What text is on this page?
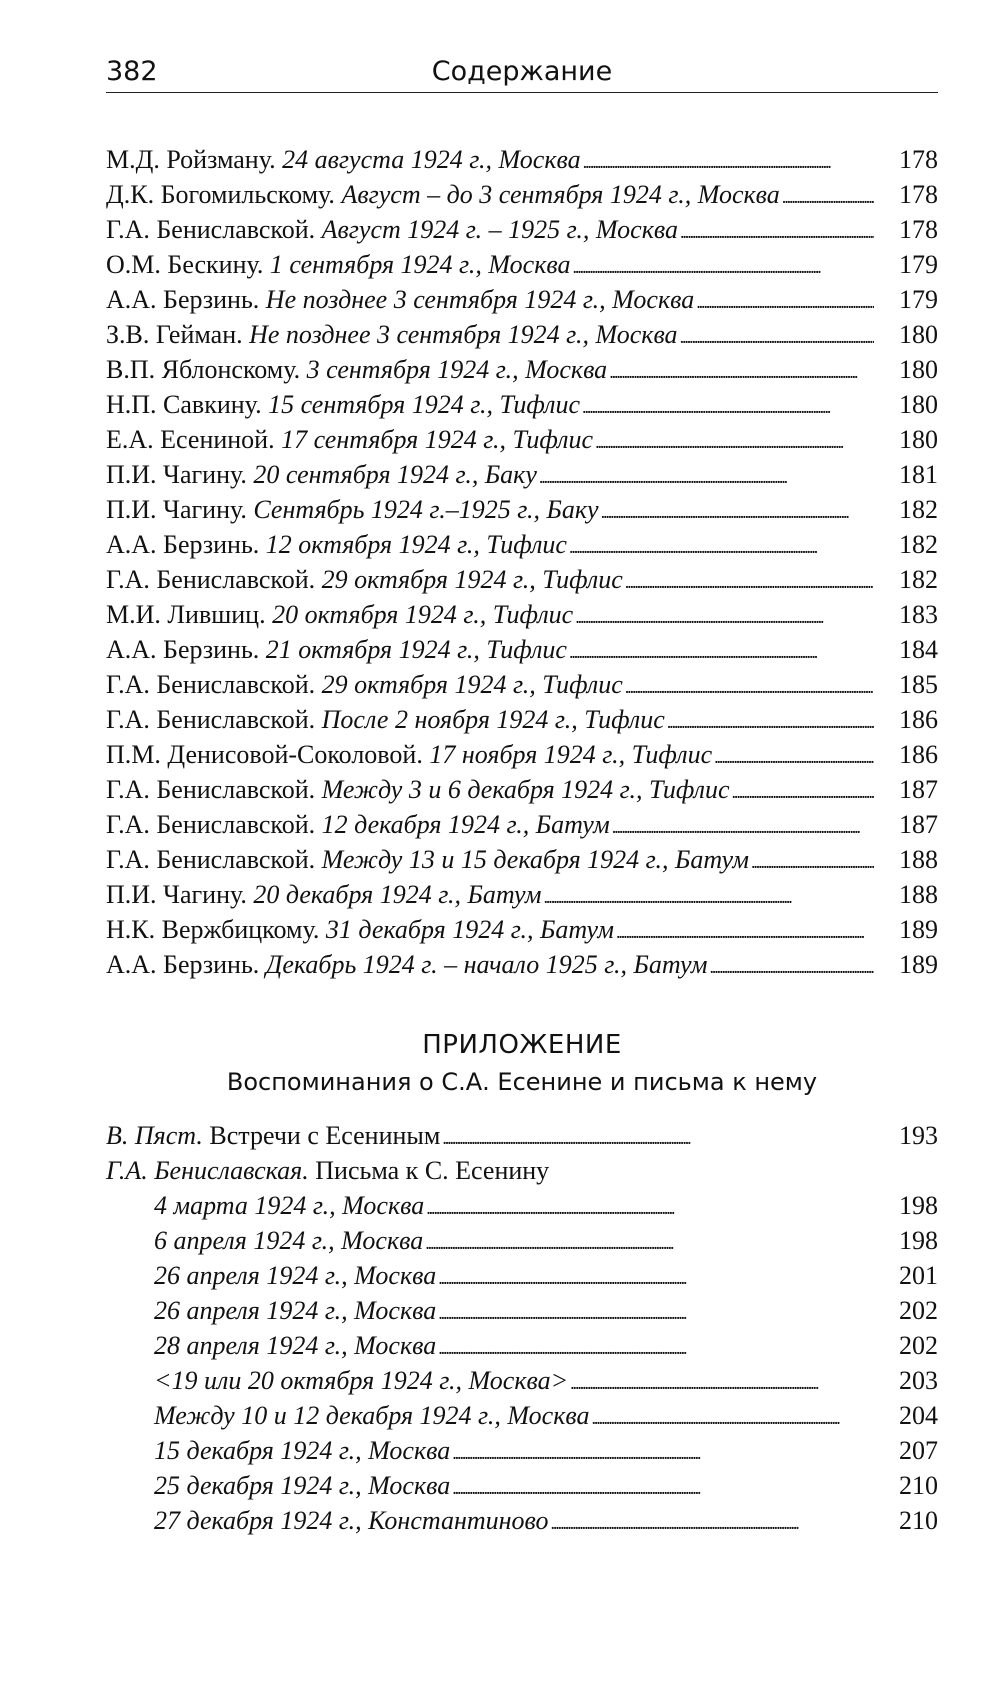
382	Содержание
М.Д. Ройзману. 24 августа 1924 г., Москва . . .	178
Д.К. Богомильскому. Август – до 3 сентября 1924 г., Москва . . .	178
Г.А. Бениславской. Август 1924 г. – 1925 г., Москва . . .	178
О.М. Бескину. 1 сентября 1924 г., Москва . . .	179
А.А. Берзинь. Не позднее 3 сентября 1924 г., Москва . . .	179
З.В. Гейман. Не позднее 3 сентября 1924 г., Москва . . .	180
В.П. Яблонскому. 3 сентября 1924 г., Москва . . .	180
Н.П. Савкину. 15 сентября 1924 г., Тифлис . . .	180
Е.А. Есениной. 17 сентября 1924 г., Тифлис . . .	180
П.И. Чагину. 20 сентября 1924 г., Баку . . .	181
П.И. Чагину. Сентябрь 1924 г.–1925 г., Баку . . .	182
А.А. Берзинь. 12 октября 1924 г., Тифлис . . .	182
Г.А. Бениславской. 29 октября 1924 г., Тифлис . . .	182
М.И. Лившиц. 20 октября 1924 г., Тифлис . . .	183
А.А. Берзинь. 21 октября 1924 г., Тифлис . . .	184
Г.А. Бениславской. 29 октября 1924 г., Тифлис . . .	185
Г.А. Бениславской. После 2 ноября 1924 г., Тифлис . . .	186
П.М. Денисовой-Соколовой. 17 ноября 1924 г., Тифлис . . .	186
Г.А. Бениславской. Между 3 и 6 декабря 1924 г., Тифлис . . .	187
Г.А. Бениславской. 12 декабря 1924 г., Батум . . .	187
Г.А. Бениславской. Между 13 и 15 декабря 1924 г., Батум . . .	188
П.И. Чагину. 20 декабря 1924 г., Батум . . .	188
Н.К. Вержбицкому. 31 декабря 1924 г., Батум . . .	189
А.А. Берзинь. Декабрь 1924 г. – начало 1925 г., Батум . . .	189
ПРИЛОЖЕНИЕ
Воспоминания о С.А. Есенине и письма к нему
В. Пяст. Встречи с Есениным . . .	193
Г.А. Бениславская. Письма к С. Есенину
4 марта 1924 г., Москва . . .	198
6 апреля 1924 г., Москва . . .	198
26 апреля 1924 г., Москва . . .	201
26 апреля 1924 г., Москва . . .	202
28 апреля 1924 г., Москва . . .	202
<19 или 20 октября 1924 г., Москва> . . .	203
Между 10 и 12 декабря 1924 г., Москва . . .	204
15 декабря 1924 г., Москва . . .	207
25 декабря 1924 г., Москва . . .	210
27 декабря 1924 г., Константиново . . .	210
